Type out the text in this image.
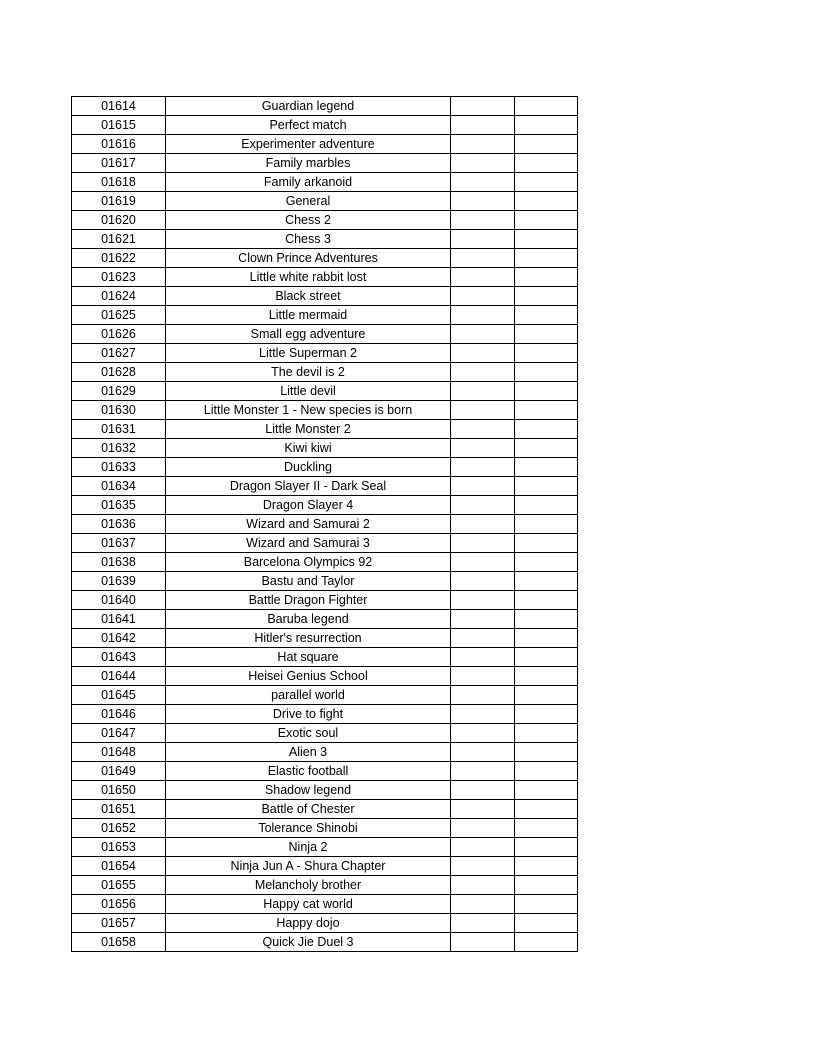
01614	Guardian legend		
01615	Perfect match		
01616	Experimenter adventure		
01617	Family marbles		
01618	Family arkanoid		
01619	General		
01620	Chess 2		
01621	Chess 3		
01622	Clown Prince Adventures		
01623	Little white rabbit lost		
01624	Black street		
01625	Little mermaid		
01626	Small egg adventure		
01627	Little Superman 2		
01628	The devil is 2		
01629	Little devil		
01630	Little Monster 1 - New species is born		
01631	Little Monster 2		
01632	Kiwi kiwi		
01633	Duckling		
01634	Dragon Slayer II - Dark Seal		
01635	Dragon Slayer 4		
01636	Wizard and Samurai 2		
01637	Wizard and Samurai 3		
01638	Barcelona Olympics 92		
01639	Bastu and Taylor		
01640	Battle Dragon Fighter		
01641	Baruba legend		
01642	Hitler's resurrection		
01643	Hat square		
01644	Heisei Genius School		
01645	parallel world		
01646	Drive to fight		
01647	Exotic soul		
01648	Alien 3		
01649	Elastic football		
01650	Shadow legend		
01651	Battle of Chester		
01652	Tolerance Shinobi		
01653	Ninja 2		
01654	Ninja Jun A - Shura Chapter		
01655	Melancholy brother		
01656	Happy cat world		
01657	Happy dojo		
01658	Quick Jie Duel 3		
